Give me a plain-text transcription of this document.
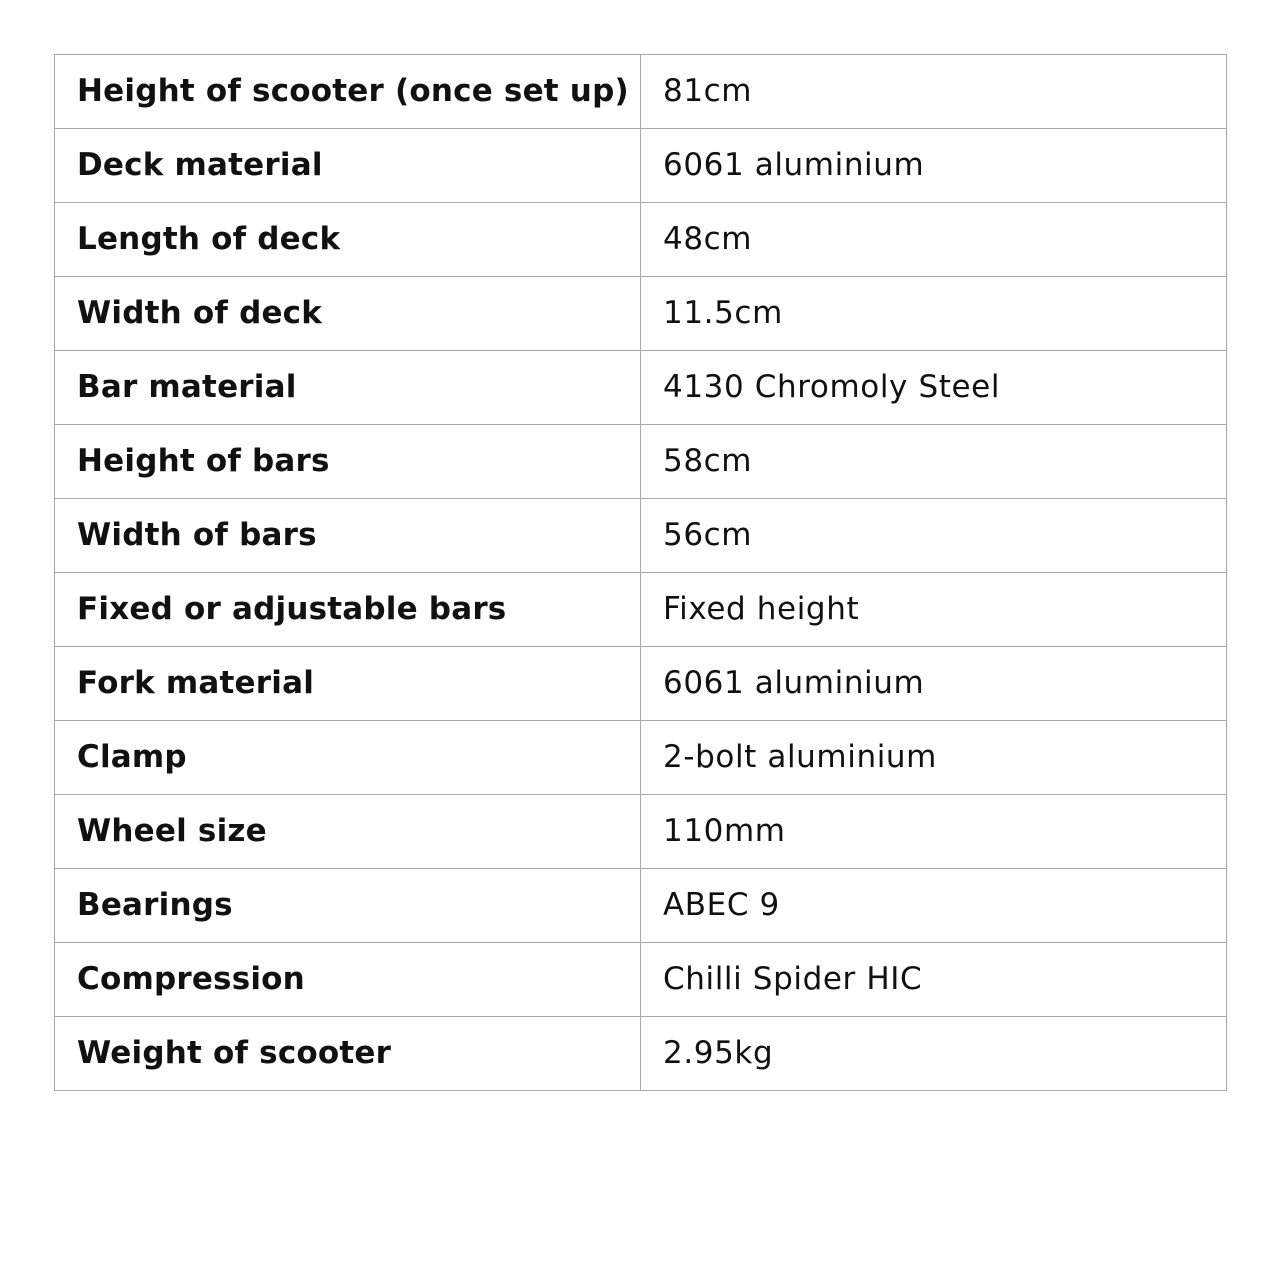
Height of scooter (once set up)	81cm
Deck material	6061 aluminium
Length of deck	48cm
Width of deck	11.5cm
Bar material	4130 Chromoly Steel
Height of bars	58cm
Width of bars	56cm
Fixed or adjustable bars	Fixed height
Fork material	6061 aluminium
Clamp	2-bolt aluminium
Wheel size	110mm
Bearings	ABEC 9
Compression	Chilli Spider HIC
Weight of scooter	2.95kg
